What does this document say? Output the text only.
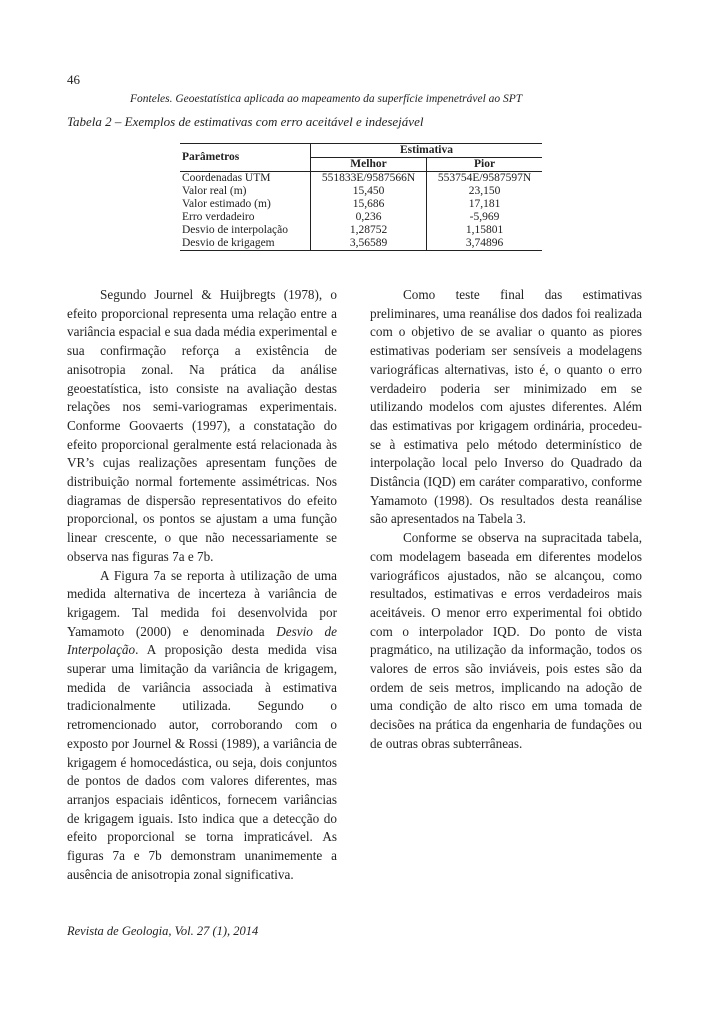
46
Fonteles. Geoestatística aplicada ao mapeamento da superfície impenetrável ao SPT
Tabela 2 – Exemplos de estimativas com erro aceitável e indesejável
Parâmetros	Estimativa	
	Melhor	Pior
Coordenadas UTM	551833E/9587566N	553754E/9587597N
Valor real (m)	15,450	23,150
Valor estimado (m)	15,686	17,181
Erro verdadeiro	0,236	-5,969
Desvio de interpolação	1,28752	1,15801
Desvio de krigagem	3,56589	3,74896

Segundo Journel & Huijbregts (1978), o efeito proporcional representa uma relação entre a variância espacial e sua dada média experimental e sua confirmação reforça a existência de anisotropia zonal. Na prática da análise geoestatística, isto consiste na avaliação destas relações nos semi-variogramas experimentais. Conforme Goovaerts (1997), a constatação do efeito proporcional geralmente está relacionada às VR’s cujas realizações apresentam funções de distribuição normal fortemente assimétricas. Nos diagramas de dispersão representativos do efeito proporcional, os pontos se ajustam a uma função linear crescente, o que não necessariamente se observa nas figuras 7a e 7b.

A Figura 7a se reporta à utilização de uma medida alternativa de incerteza à variância de krigagem. Tal medida foi desenvolvida por Yamamoto (2000) e denominada Desvio de Interpolação. A proposição desta medida visa superar uma limitação da variância de krigagem, medida de variância associada à estimativa tradicionalmente utilizada. Segundo o retromencionado autor, corroborando com o exposto por Journel & Rossi (1989), a variância de krigagem é homocedástica, ou seja, dois conjuntos de pontos de dados com valores diferentes, mas arranjos espaciais idênticos, fornecem variâncias de krigagem iguais. Isto indica que a detecção do efeito proporcional se torna impraticável. As figuras 7a e 7b demonstram unanimemente a ausência de anisotropia zonal significativa.

Como teste final das estimativas preliminares, uma reanálise dos dados foi realizada com o objetivo de se avaliar o quanto as piores estimativas poderiam ser sensíveis a modelagens variográficas alternativas, isto é, o quanto o erro verdadeiro poderia ser minimizado em se utilizando modelos com ajustes diferentes. Além das estimativas por krigagem ordinária, procedeu-se à estimativa pelo método determinístico de interpolação local pelo Inverso do Quadrado da Distância (IQD) em caráter comparativo, conforme Yamamoto (1998). Os resultados desta reanálise são apresentados na Tabela 3.

Conforme se observa na supracitada tabela, com modelagem baseada em diferentes modelos variográficos ajustados, não se alcançou, como resultados, estimativas e erros verdadeiros mais aceitáveis. O menor erro experimental foi obtido com o interpolador IQD. Do ponto de vista pragmático, na utilização da informação, todos os valores de erros são inviáveis, pois estes são da ordem de seis metros, implicando na adoção de uma condição de alto risco em uma tomada de decisões na prática da engenharia de fundações ou de outras obras subterrâneas.

Revista de Geologia, Vol. 27 (1), 2014
